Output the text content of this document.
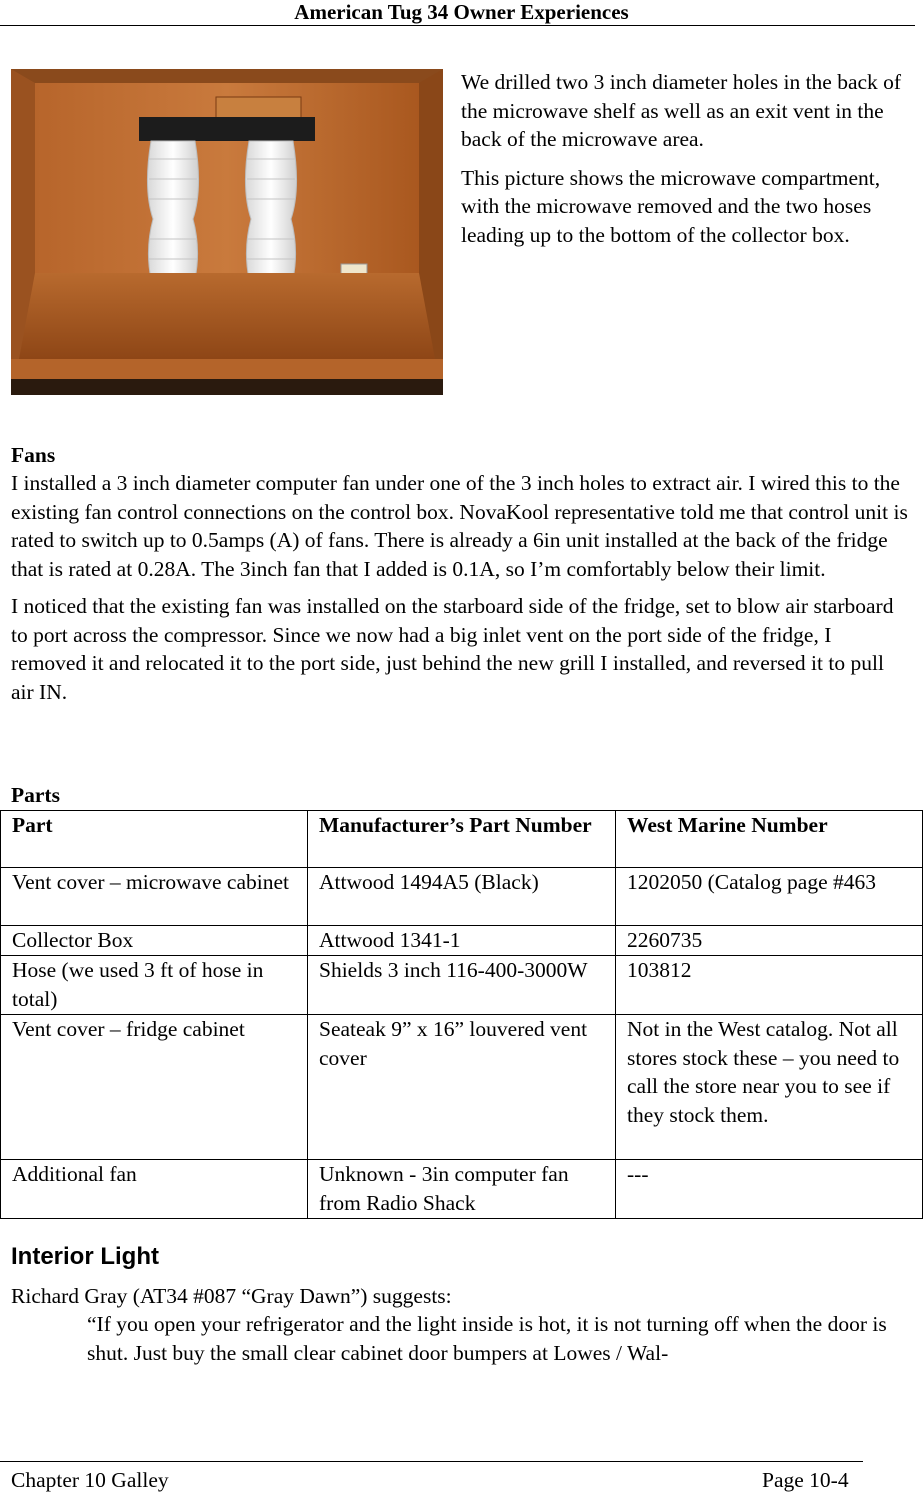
American Tug 34 Owner Experiences

We drilled two 3 inch diameter holes in the back of the microwave shelf as well as an exit vent in the back of the microwave area.

This picture shows the microwave compartment, with the microwave removed and the two hoses leading up to the bottom of the collector box.

Fans

I installed a 3 inch diameter computer fan under one of the 3 inch holes to extract air. I wired this to the existing fan control connections on the control box. NovaKool representative told me that control unit is rated to switch up to 0.5amps (A) of fans. There is already a 6in unit installed at the back of the fridge that is rated at 0.28A. The 3inch fan that I added is 0.1A, so I’m comfortably below their limit.

I noticed that the existing fan was installed on the starboard side of the fridge, set to blow air starboard to port across the compressor. Since we now had a big inlet vent on the port side of the fridge, I removed it and relocated it to the port side, just behind the new grill I installed, and reversed it to pull air IN.

Parts
Part	Manufacturer’s Part Number	West Marine Number
Vent cover – microwave cabinet	Attwood 1494A5 (Black)	1202050 (Catalog page #463
Collector Box	Attwood 1341-1	2260735
Hose (we used 3 ft of hose in total)	Shields 3 inch 116-400-3000W	103812
Vent cover – fridge cabinet	Seateak 9” x 16” louvered vent cover	Not in the West catalog. Not all stores stock these – you need to call the store near you to see if they stock them.
Additional fan	Unknown - 3in computer fan from Radio Shack	---
Interior Light
Richard Gray (AT34 #087 “Gray Dawn”) suggests:
“If you open your refrigerator and the light inside is hot, it is not turning off when the door is shut. Just buy the small clear cabinet door bumpers at Lowes / Wal-
Chapter 10 Galley	Page 10-4
